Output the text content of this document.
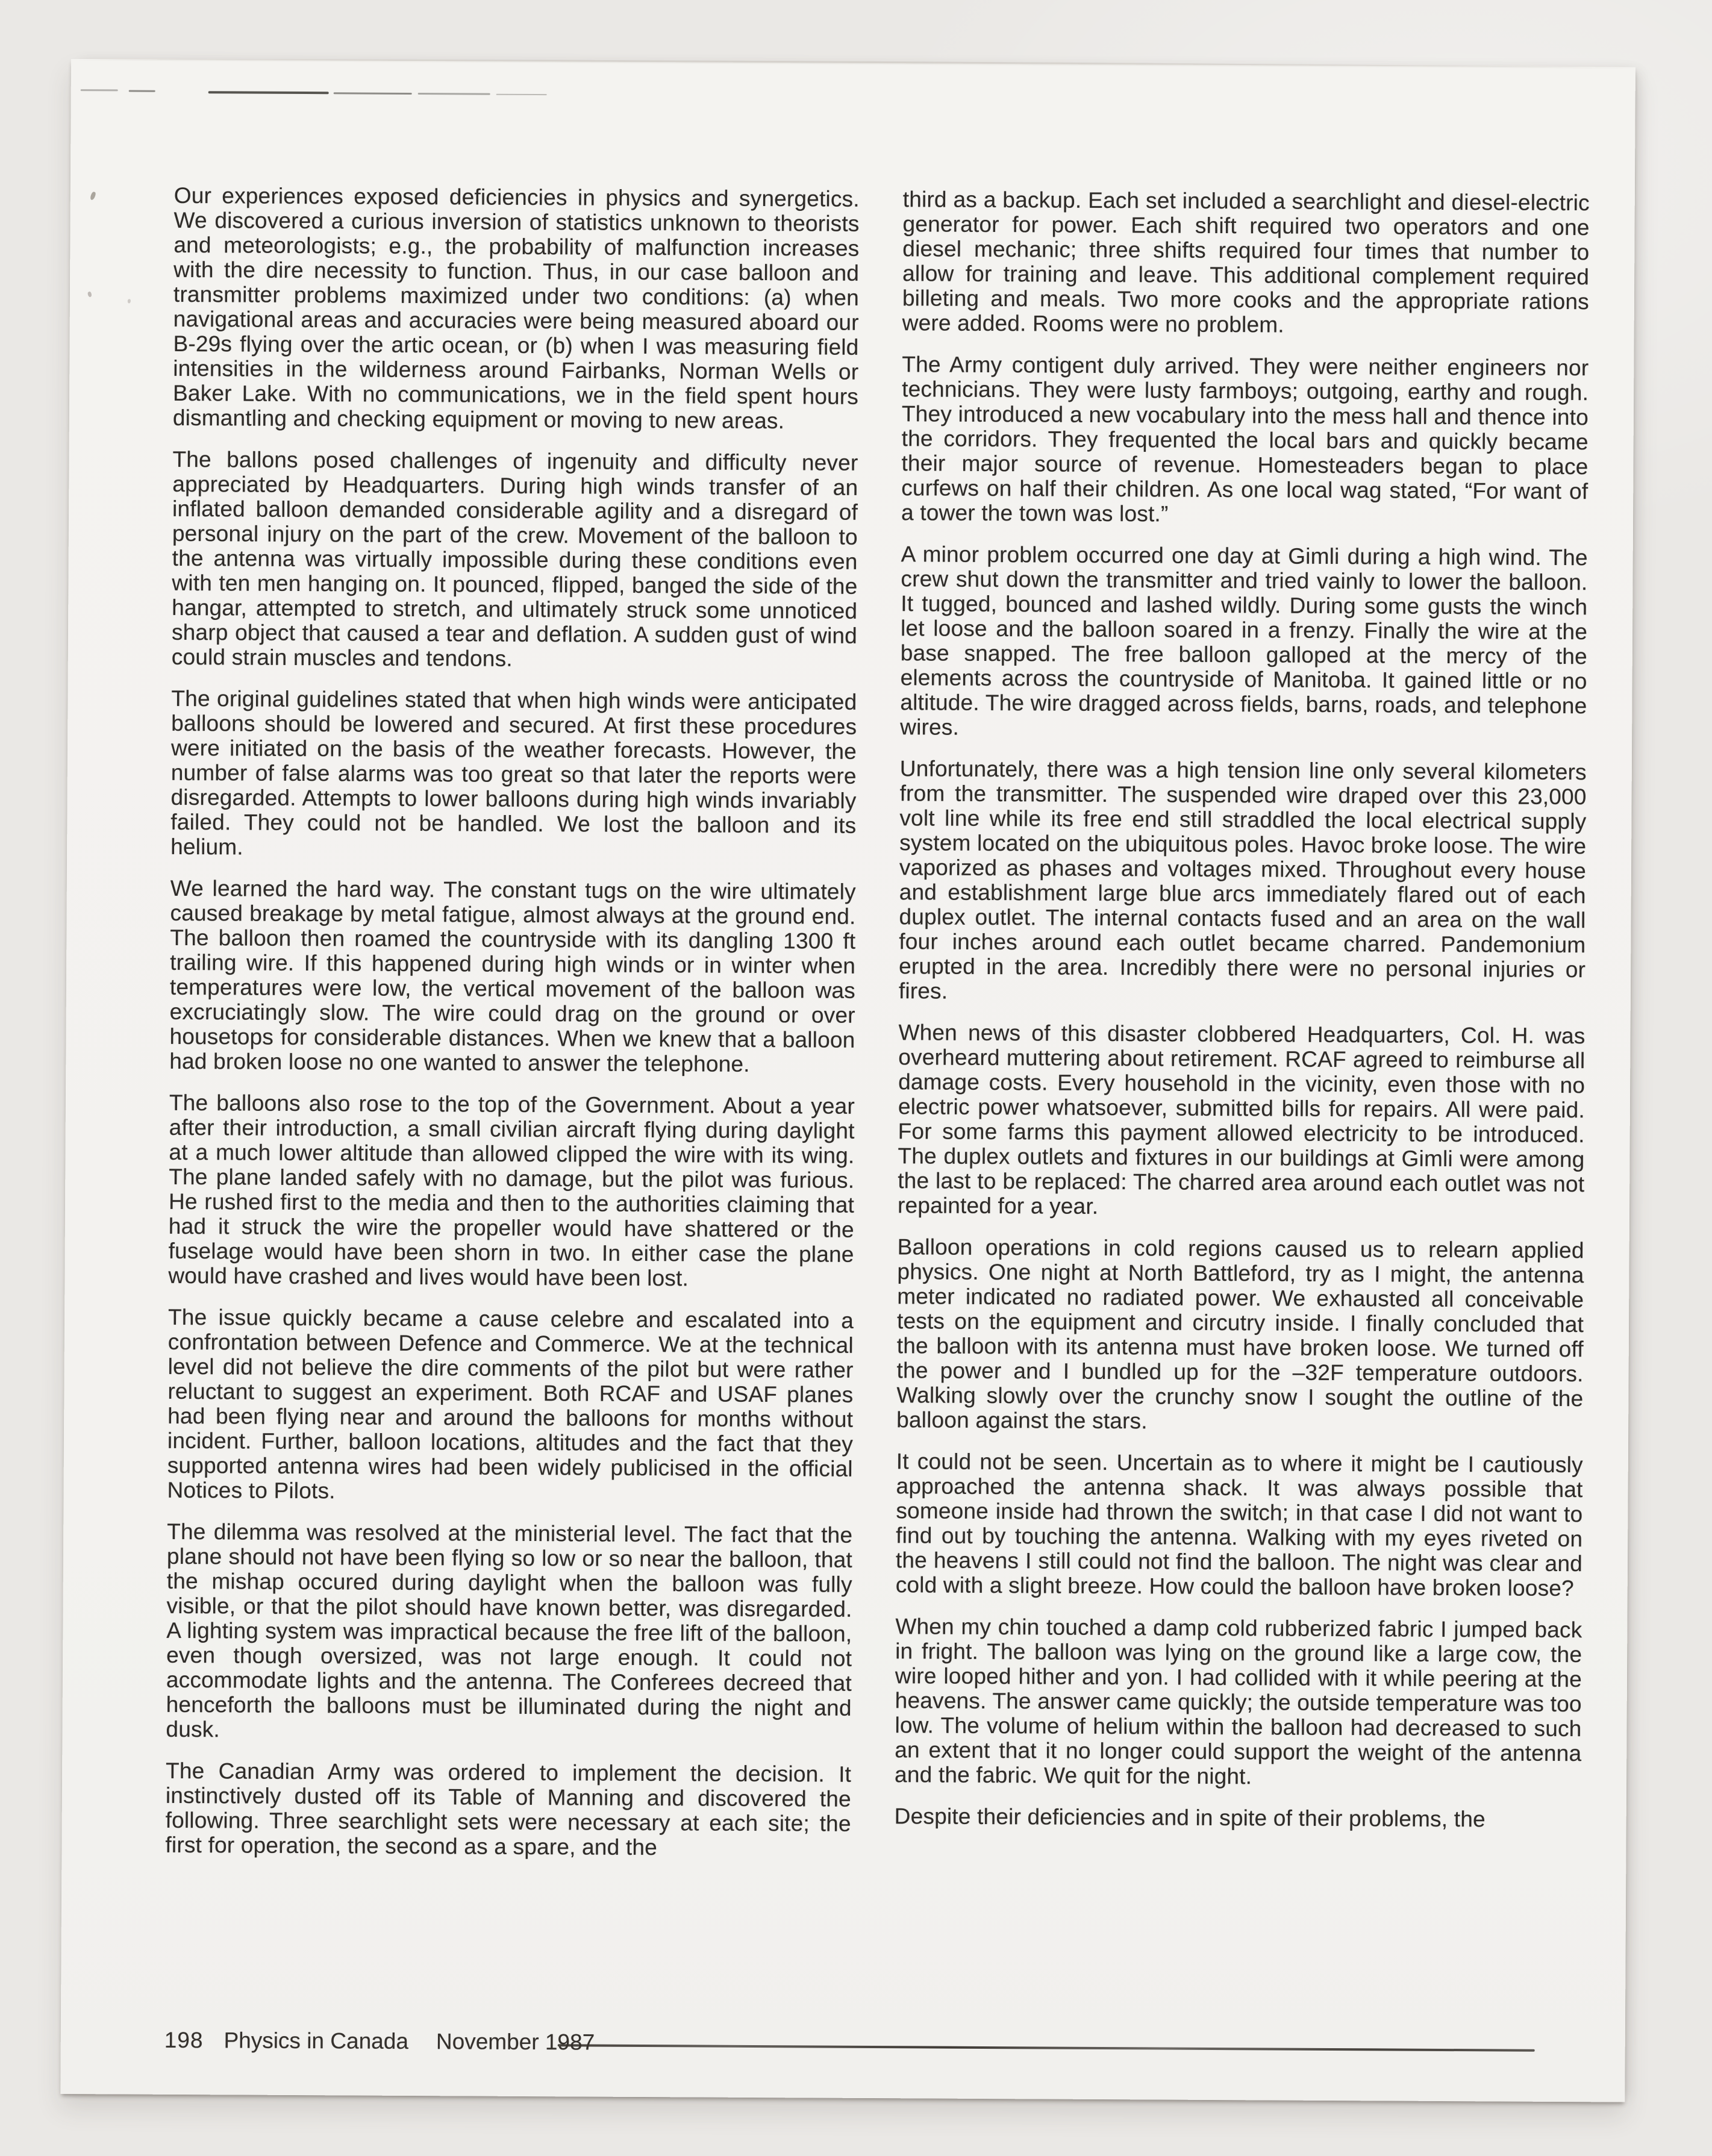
Our experiences exposed deficiencies in physics and synergetics. We discovered a curious inversion of statistics unknown to theorists and meteorologists; e.g., the probability of malfunction increases with the dire necessity to function. Thus, in our case balloon and transmitter problems maximized under two conditions: (a) when navigational areas and accuracies were being measured aboard our B-29s flying over the artic ocean, or (b) when I was measuring field intensities in the wilderness around Fairbanks, Norman Wells or Baker Lake. With no communications, we in the field spent hours dismantling and checking equipment or moving to new areas.

The ballons posed challenges of ingenuity and difficulty never appreciated by Headquarters. During high winds transfer of an inflated balloon demanded considerable agility and a disregard of personal injury on the part of the crew. Movement of the balloon to the antenna was virtually impossible during these conditions even with ten men hanging on. It pounced, flipped, banged the side of the hangar, attempted to stretch, and ultimately struck some unnoticed sharp object that caused a tear and deflation. A sudden gust of wind could strain muscles and tendons.

The original guidelines stated that when high winds were anticipated balloons should be lowered and secured. At first these procedures were initiated on the basis of the weather forecasts. However, the number of false alarms was too great so that later the reports were disregarded. Attempts to lower balloons during high winds invariably failed. They could not be handled. We lost the balloon and its helium.

We learned the hard way. The constant tugs on the wire ultimately caused breakage by metal fatigue, almost always at the ground end. The balloon then roamed the countryside with its dangling 1300 ft trailing wire. If this happened during high winds or in winter when temperatures were low, the vertical movement of the balloon was excruciatingly slow. The wire could drag on the ground or over housetops for considerable distances. When we knew that a balloon had broken loose no one wanted to answer the telephone.

The balloons also rose to the top of the Government. About a year after their introduction, a small civilian aircraft flying during daylight at a much lower altitude than allowed clipped the wire with its wing. The plane landed safely with no damage, but the pilot was furious. He rushed first to the media and then to the authorities claiming that had it struck the wire the propeller would have shattered or the fuselage would have been shorn in two. In either case the plane would have crashed and lives would have been lost.

The issue quickly became a cause celebre and escalated into a confrontation between Defence and Commerce. We at the technical level did not believe the dire comments of the pilot but were rather reluctant to suggest an experiment. Both RCAF and USAF planes had been flying near and around the balloons for months without incident. Further, balloon locations, altitudes and the fact that they supported antenna wires had been widely publicised in the official Notices to Pilots.

The dilemma was resolved at the ministerial level. The fact that the plane should not have been flying so low or so near the balloon, that the mishap occured during daylight when the balloon was fully visible, or that the pilot should have known better, was disregarded. A lighting system was impractical because the free lift of the balloon, even though oversized, was not large enough. It could not accommodate lights and the antenna. The Conferees decreed that henceforth the balloons must be illuminated during the night and dusk.

The Canadian Army was ordered to implement the decision. It instinctively dusted off its Table of Manning and discovered the following. Three searchlight sets were necessary at each site; the first for operation, the second as a spare, and the

third as a backup. Each set included a searchlight and diesel-electric generator for power. Each shift required two operators and one diesel mechanic; three shifts required four times that number to allow for training and leave. This additional complement required billeting and meals. Two more cooks and the appropriate rations were added. Rooms were no problem.

The Army contigent duly arrived. They were neither engineers nor technicians. They were lusty farmboys; outgoing, earthy and rough. They introduced a new vocabulary into the mess hall and thence into the corridors. They frequented the local bars and quickly became their major source of revenue. Homesteaders began to place curfews on half their children. As one local wag stated, “For want of a tower the town was lost.”

A minor problem occurred one day at Gimli during a high wind. The crew shut down the transmitter and tried vainly to lower the balloon. It tugged, bounced and lashed wildly. During some gusts the winch let loose and the balloon soared in a frenzy. Finally the wire at the base snapped. The free balloon galloped at the mercy of the elements across the countryside of Manitoba. It gained little or no altitude. The wire dragged across fields, barns, roads, and telephone wires.

Unfortunately, there was a high tension line only several kilometers from the transmitter. The suspended wire draped over this 23,000 volt line while its free end still straddled the local electrical supply system located on the ubiquitous poles. Havoc broke loose. The wire vaporized as phases and voltages mixed. Throughout every house and establishment large blue arcs immediately flared out of each duplex outlet. The internal contacts fused and an area on the wall four inches around each outlet became charred. Pandemonium erupted in the area. Incredibly there were no personal injuries or fires.

When news of this disaster clobbered Headquarters, Col. H. was overheard muttering about retirement. RCAF agreed to reimburse all damage costs. Every household in the vicinity, even those with no electric power whatsoever, submitted bills for repairs. All were paid. For some farms this payment allowed electricity to be introduced. The duplex outlets and fixtures in our buildings at Gimli were among the last to be replaced: The charred area around each outlet was not repainted for a year.

Balloon operations in cold regions caused us to relearn applied physics. One night at North Battleford, try as I might, the antenna meter indicated no radiated power. We exhausted all conceivable tests on the equipment and circutry inside. I finally concluded that the balloon with its antenna must have broken loose. We turned off the power and I bundled up for the –32F temperature outdoors. Walking slowly over the crunchy snow I sought the outline of the balloon against the stars.

It could not be seen. Uncertain as to where it might be I cautiously approached the antenna shack. It was always possible that someone inside had thrown the switch; in that case I did not want to find out by touching the antenna. Walking with my eyes riveted on the heavens I still could not find the balloon. The night was clear and cold with a slight breeze. How could the balloon have broken loose?

When my chin touched a damp cold rubberized fabric I jumped back in fright. The balloon was lying on the ground like a large cow, the wire looped hither and yon. I had collided with it while peering at the heavens. The answer came quickly; the outside temperature was too low. The volume of helium within the balloon had decreased to such an extent that it no longer could support the weight of the antenna and the fabric. We quit for the night.

Despite their deficiencies and in spite of their problems, the

198 Physics in Canada November 1987
